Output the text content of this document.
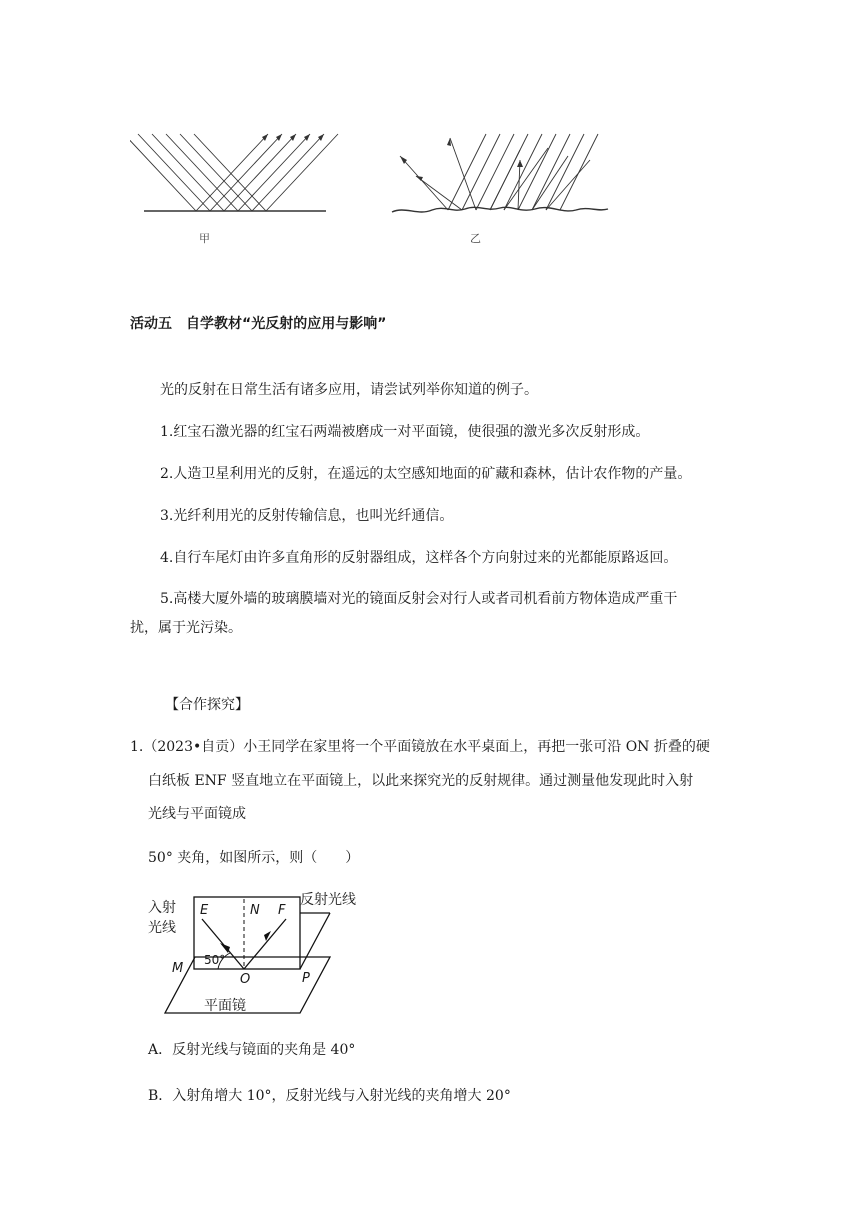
甲	乙
活动五　自学教材“光反射的应用与影响”
光的反射在日常生活有诸多应用，请尝试列举你知道的例子。
1.红宝石激光器的红宝石两端被磨成一对平面镜，使很强的激光多次反射形成。
2.人造卫星利用光的反射，在遥远的太空感知地面的矿藏和森林，估计农作物的产量。
3.光纤利用光的反射传输信息，也叫光纤通信。
4.自行车尾灯由许多直角形的反射器组成，这样各个方向射过来的光都能原路返回。
5.高楼大厦外墙的玻璃膜墙对光的镜面反射会对行人或者司机看前方物体造成严重干
扰，属于光污染。
【合作探究】
1.（2023•自贡）小王同学在家里将一个平面镜放在水平桌面上，再把一张可沿 ON 折叠的硬
白纸板 ENF 竖直地立在平面镜上，以此来探究光的反射规律。通过测量他发现此时入射
光线与平面镜成
50° 夹角，如图所示，则（　　）
入射
光线
反射光线
E	N F
M
O	P
50°
平面镜
A．反射光线与镜面的夹角是 40°
B．入射角增大 10°，反射光线与入射光线的夹角增大 20°
